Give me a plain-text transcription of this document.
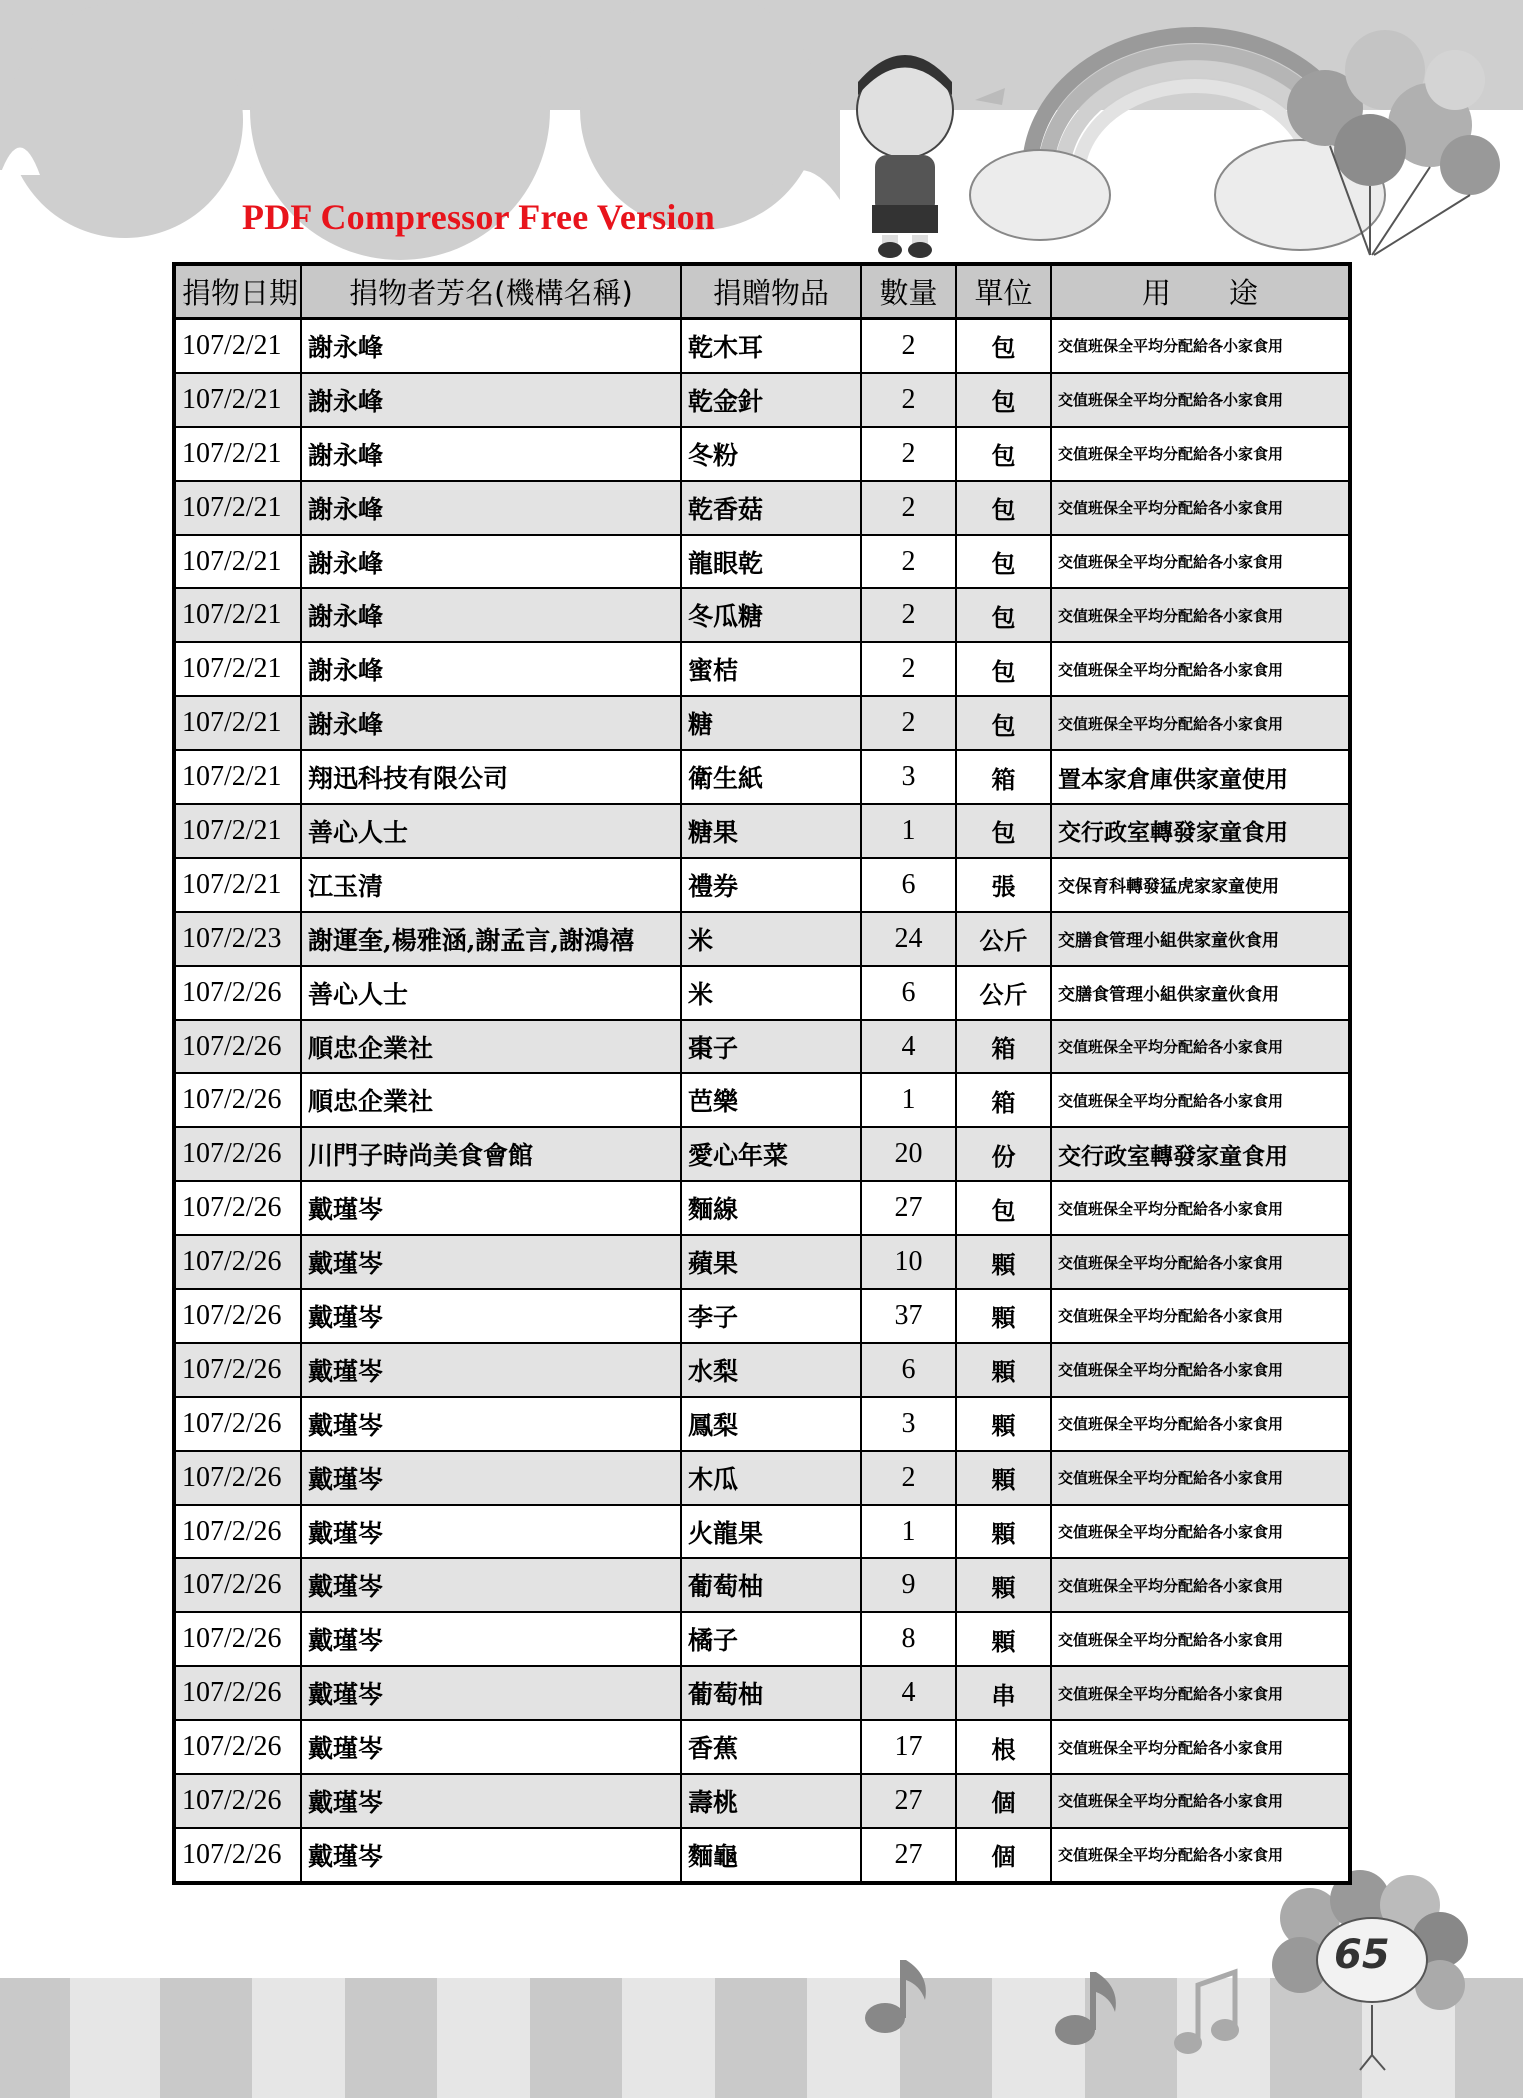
PDF Compressor Free Version
捐物日期	捐物者芳名(機構名稱)	捐贈物品	數量	單位	用　　途
107/2/21	謝永峰	乾木耳	2	包	交值班保全平均分配給各小家食用
107/2/21	謝永峰	乾金針	2	包	交值班保全平均分配給各小家食用
107/2/21	謝永峰	冬粉	2	包	交值班保全平均分配給各小家食用
107/2/21	謝永峰	乾香菇	2	包	交值班保全平均分配給各小家食用
107/2/21	謝永峰	龍眼乾	2	包	交值班保全平均分配給各小家食用
107/2/21	謝永峰	冬瓜糖	2	包	交值班保全平均分配給各小家食用
107/2/21	謝永峰	蜜桔	2	包	交值班保全平均分配給各小家食用
107/2/21	謝永峰	糖	2	包	交值班保全平均分配給各小家食用
107/2/21	翔迅科技有限公司	衛生紙	3	箱	置本家倉庫供家童使用
107/2/21	善心人士	糖果	1	包	交行政室轉發家童食用
107/2/21	江玉清	禮券	6	張	交保育科轉發猛虎家家童使用
107/2/23	謝運奎,楊雅涵,謝孟言,謝鴻禧	米	24	公斤	交膳食管理小組供家童伙食用
107/2/26	善心人士	米	6	公斤	交膳食管理小組供家童伙食用
107/2/26	順忠企業社	棗子	4	箱	交值班保全平均分配給各小家食用
107/2/26	順忠企業社	芭樂	1	箱	交值班保全平均分配給各小家食用
107/2/26	川門子時尚美食會館	愛心年菜	20	份	交行政室轉發家童食用
107/2/26	戴瑾岑	麵線	27	包	交值班保全平均分配給各小家食用
107/2/26	戴瑾岑	蘋果	10	顆	交值班保全平均分配給各小家食用
107/2/26	戴瑾岑	李子	37	顆	交值班保全平均分配給各小家食用
107/2/26	戴瑾岑	水梨	6	顆	交值班保全平均分配給各小家食用
107/2/26	戴瑾岑	鳳梨	3	顆	交值班保全平均分配給各小家食用
107/2/26	戴瑾岑	木瓜	2	顆	交值班保全平均分配給各小家食用
107/2/26	戴瑾岑	火龍果	1	顆	交值班保全平均分配給各小家食用
107/2/26	戴瑾岑	葡萄柚	9	顆	交值班保全平均分配給各小家食用
107/2/26	戴瑾岑	橘子	8	顆	交值班保全平均分配給各小家食用
107/2/26	戴瑾岑	葡萄柚	4	串	交值班保全平均分配給各小家食用
107/2/26	戴瑾岑	香蕉	17	根	交值班保全平均分配給各小家食用
107/2/26	戴瑾岑	壽桃	27	個	交值班保全平均分配給各小家食用
107/2/26	戴瑾岑	麵龜	27	個	交值班保全平均分配給各小家食用
65
